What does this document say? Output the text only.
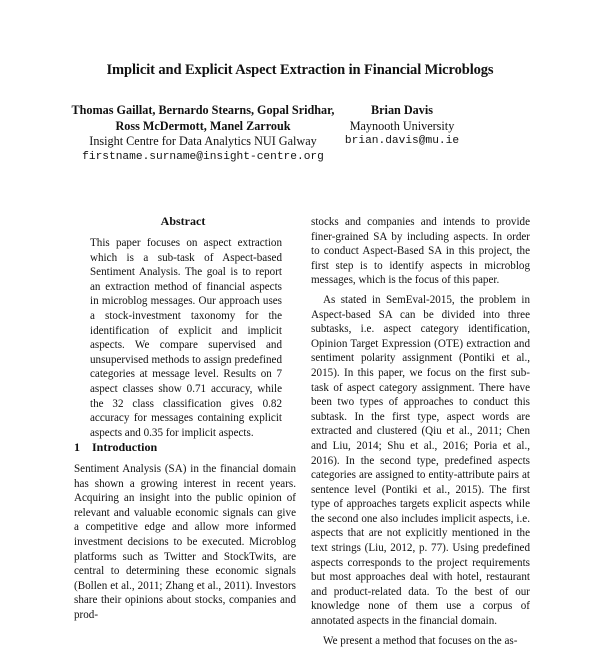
Implicit and Explicit Aspect Extraction in Financial Microblogs
Thomas Gaillat, Bernardo Stearns, Gopal Sridhar,
Ross McDermott, Manel Zarrouk
Insight Centre for Data Analytics NUI Galway
firstname.surname@insight-centre.org
Brian Davis
Maynooth University
brian.davis@mu.ie
Abstract

This paper focuses on aspect extraction which is a sub-task of Aspect-based Sentiment Analysis. The goal is to report an extraction method of financial aspects in microblog messages. Our approach uses a stock-investment taxonomy for the identification of explicit and implicit aspects. We compare supervised and unsupervised methods to assign predefined categories at message level. Results on 7 aspect classes show 0.71 accuracy, while the 32 class classification gives 0.82 accuracy for messages containing explicit aspects and 0.35 for implicit aspects.

1 Introduction

Sentiment Analysis (SA) in the financial domain has shown a growing interest in recent years. Acquiring an insight into the public opinion of relevant and valuable economic signals can give a competitive edge and allow more informed investment decisions to be executed. Microblog platforms such as Twitter and StockTwits, are central to determining these economic signals (Bollen et al., 2011; Zhang et al., 2011). Investors share their opinions about stocks, companies and prod-

stocks and companies and intends to provide finer-grained SA by including aspects. In order to conduct Aspect-Based SA in this project, the first step is to identify aspects in microblog messages, which is the focus of this paper.

As stated in SemEval-2015, the problem in Aspect-based SA can be divided into three subtasks, i.e. aspect category identification, Opinion Target Expression (OTE) extraction and sentiment polarity assignment (Pontiki et al., 2015). In this paper, we focus on the first sub-task of aspect category assignment. There have been two types of approaches to conduct this subtask. In the first type, aspect words are extracted and clustered (Qiu et al., 2011; Chen and Liu, 2014; Shu et al., 2016; Poria et al., 2016). In the second type, predefined aspects categories are assigned to entity-attribute pairs at sentence level (Pontiki et al., 2015). The first type of approaches targets explicit aspects while the second one also includes implicit aspects, i.e. aspects that are not explicitly mentioned in the text strings (Liu, 2012, p. 77). Using predefined aspects corresponds to the project requirements but most approaches deal with hotel, restaurant and product-related data. To the best of our knowledge none of them use a corpus of annotated aspects in the financial domain.

We present a method that focuses on the as-
